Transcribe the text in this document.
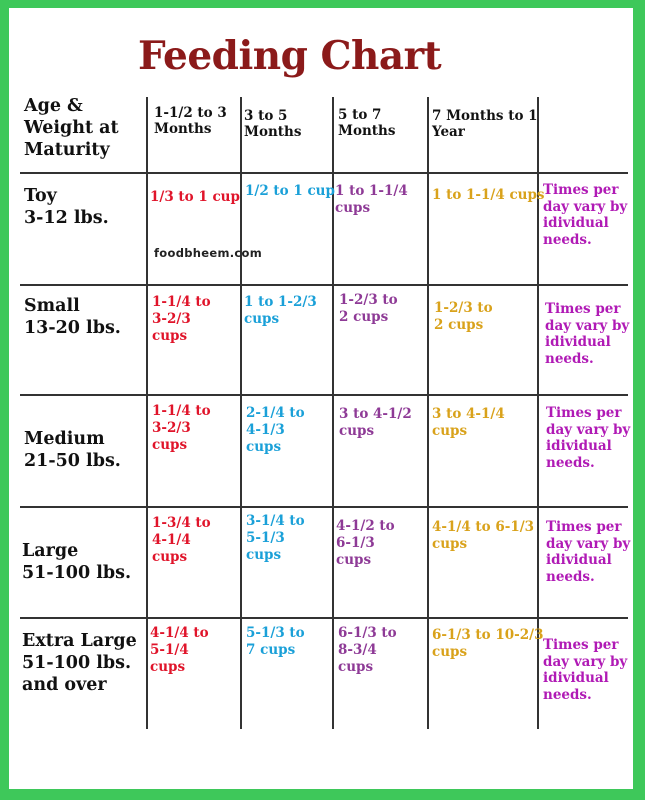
Feeding Chart
Age &
Weight at
Maturity
1-1/2 to 3
Months
3 to 5
Months
5 to 7
Months
7 Months to 1
Year
Toy
3-12 lbs.
1/3 to 1 cup 1/2 to 1 cup 1 to 1-1/4
cups
1 to 1-1/4 cups
Times per
day vary by
idividual
needs.
foodbheem.com
Small
13-20 lbs.
1-1/4 to
3-2/3
cups
1 to 1-2/3
cups
1-2/3 to
2 cups
1-2/3 to
2 cups
Times per
day vary by
idividual
needs.
Medium
21-50 lbs.
1-1/4 to
3-2/3
cups
2-1/4 to
4-1/3
cups
3 to 4-1/2
cups
3 to 4-1/4
cups
Times per
day vary by
idividual
needs.
Large
51-100 lbs.
1-3/4 to
4-1/4
cups
3-1/4 to
5-1/3
cups
4-1/2 to
6-1/3
cups
4-1/4 to 6-1/3
cups
Times per
day vary by
idividual
needs.
Extra Large
51-100 lbs.
and over
4-1/4 to
5-1/4
cups
5-1/3 to
7 cups
6-1/3 to
8-3/4
cups
6-1/3 to 10-2/3
cups	Times per
day vary by
idividual
needs.
